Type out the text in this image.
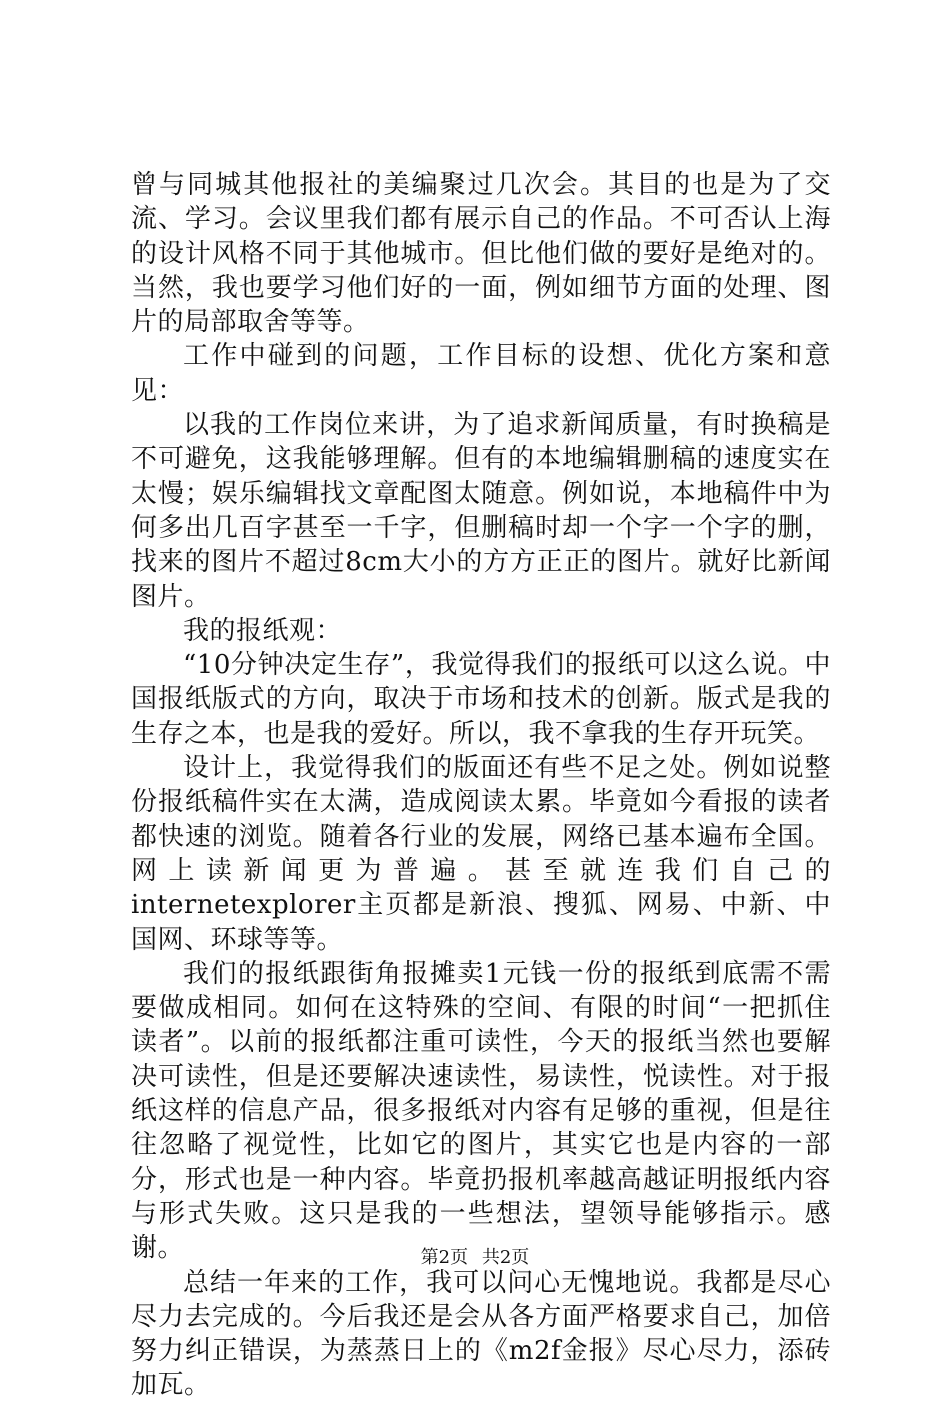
曾与同城其他报社的美编聚过几次会。其目的也是为了交流、学习。会议里我们都有展示自己的作品。不可否认上海的设计风格不同于其他城市。但比他们做的要好是绝对的。当然，我也要学习他们好的一面，例如细节方面的处理、图片的局部取舍等等。

工作中碰到的问题，工作目标的设想、优化方案和意见：

以我的工作岗位来讲，为了追求新闻质量，有时换稿是不可避免，这我能够理解。但有的本地编辑删稿的速度实在太慢；娱乐编辑找文章配图太随意。例如说，本地稿件中为何多出几百字甚至一千字，但删稿时却一个字一个字的删，找来的图片不超过8cm大小的方方正正的图片。就好比新闻图片。

我的报纸观：

“10分钟决定生存”，我觉得我们的报纸可以这么说。中国报纸版式的方向，取决于市场和技术的创新。版式是我的生存之本，也是我的爱好。所以，我不拿我的生存开玩笑。

设计上，我觉得我们的版面还有些不足之处。例如说整份报纸稿件实在太满，造成阅读太累。毕竟如今看报的读者都快速的浏览。随着各行业的发展，网络已基本遍布全国。网上读新闻更为普遍。甚至就连我们自己的internetexplorer主页都是新浪、搜狐、网易、中新、中国网、环球等等。

我们的报纸跟街角报摊卖1元钱一份的报纸到底需不需要做成相同。如何在这特殊的空间、有限的时间“一把抓住读者”。以前的报纸都注重可读性，今天的报纸当然也要解决可读性，但是还要解决速读性，易读性，悦读性。对于报纸这样的信息产品，很多报纸对内容有足够的重视，但是往往忽略了视觉性，比如它的图片，其实它也是内容的一部分，形式也是一种内容。毕竟扔报机率越高越证明报纸内容与形式失败。这只是我的一些想法，望领导能够指示。感谢。

总结一年来的工作，我可以问心无愧地说。我都是尽心尽力去完成的。今后我还是会从各方面严格要求自己，加倍努力纠正错误，为蒸蒸日上的《m2f金报》尽心尽力，添砖加瓦。

第2页 共2页
